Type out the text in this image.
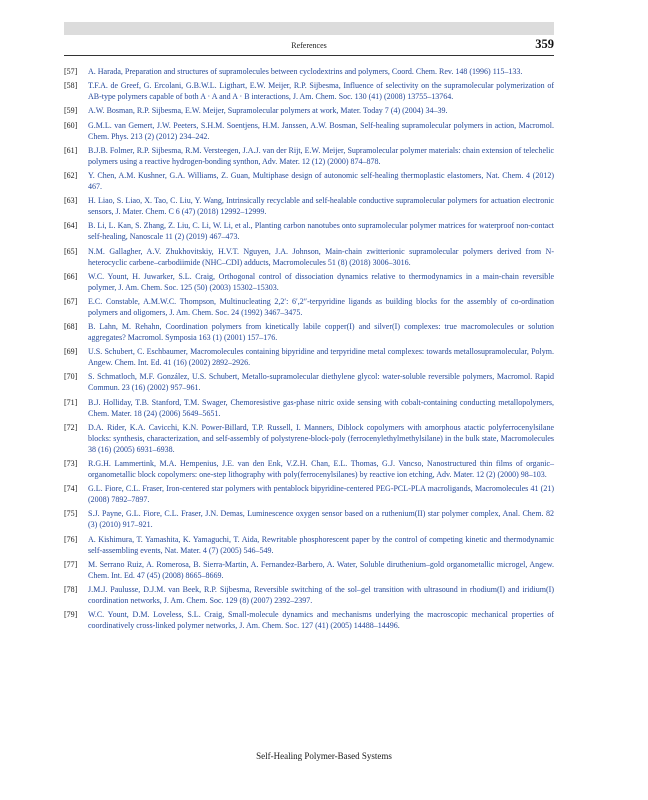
References	359
[57] A. Harada, Preparation and structures of supramolecules between cyclodextrins and polymers, Coord. Chem. Rev. 148 (1996) 115–133.
[58] T.F.A. de Greef, G. Ercolani, G.B.W.L. Ligthart, E.W. Meijer, R.P. Sijbesma, Influence of selectivity on the supramolecular polymerization of AB-type polymers capable of both A · A and A · B interactions, J. Am. Chem. Soc. 130 (41) (2008) 13755–13764.
[59] A.W. Bosman, R.P. Sijbesma, E.W. Meijer, Supramolecular polymers at work, Mater. Today 7 (4) (2004) 34–39.
[60] G.M.L. van Gemert, J.W. Peeters, S.H.M. Soentjens, H.M. Janssen, A.W. Bosman, Self-healing supramolecular polymers in action, Macromol. Chem. Phys. 213 (2) (2012) 234–242.
[61] B.J.B. Folmer, R.P. Sijbesma, R.M. Versteegen, J.A.J. van der Rijt, E.W. Meijer, Supramolecular polymer materials: chain extension of telechelic polymers using a reactive hydrogen-bonding synthon, Adv. Mater. 12 (12) (2000) 874–878.
[62] Y. Chen, A.M. Kushner, G.A. Williams, Z. Guan, Multiphase design of autonomic self-healing thermoplastic elastomers, Nat. Chem. 4 (2012) 467.
[63] H. Liao, S. Liao, X. Tao, C. Liu, Y. Wang, Intrinsically recyclable and self-healable conductive supramolecular polymers for actuation electronic sensors, J. Mater. Chem. C 6 (47) (2018) 12992–12999.
[64] B. Li, L. Kan, S. Zhang, Z. Liu, C. Li, W. Li, et al., Planting carbon nanotubes onto supramolecular polymer matrices for waterproof non-contact self-healing, Nanoscale 11 (2) (2019) 467–473.
[65] N.M. Gallagher, A.V. Zhukhovitskiy, H.V.T. Nguyen, J.A. Johnson, Main-chain zwitterionic supramolecular polymers derived from N-heterocyclic carbene–carbodiimide (NHC–CDI) adducts, Macromolecules 51 (8) (2018) 3006–3016.
[66] W.C. Yount, H. Juwarker, S.L. Craig, Orthogonal control of dissociation dynamics relative to thermodynamics in a main-chain reversible polymer, J. Am. Chem. Soc. 125 (50) (2003) 15302–15303.
[67] E.C. Constable, A.M.W.C. Thompson, Multinucleating 2,2′: 6′,2″-terpyridine ligands as building blocks for the assembly of co-ordination polymers and oligomers, J. Am. Chem. Soc. 24 (1992) 3467–3475.
[68] B. Lahn, M. Rehahn, Coordination polymers from kinetically labile copper(I) and silver(I) complexes: true macromolecules or solution aggregates? Macromol. Symposia 163 (1) (2001) 157–176.
[69] U.S. Schubert, C. Eschbaumer, Macromolecules containing bipyridine and terpyridine metal complexes: towards metallosupramolecular, Polym. Angew. Chem. Int. Ed. 41 (16) (2002) 2892–2926.
[70] S. Schmatloch, M.F. González, U.S. Schubert, Metallo-supramolecular diethylene glycol: water-soluble reversible polymers, Macromol. Rapid Commun. 23 (16) (2002) 957–961.
[71] B.J. Holliday, T.B. Stanford, T.M. Swager, Chemoresistive gas-phase nitric oxide sensing with cobalt-containing conducting metallopolymers, Chem. Mater. 18 (24) (2006) 5649–5651.
[72] D.A. Rider, K.A. Cavicchi, K.N. Power-Billard, T.P. Russell, I. Manners, Diblock copolymers with amorphous atactic polyferrocenylsilane blocks: synthesis, characterization, and self-assembly of polystyrene-block-poly (ferrocenylethylmethylsilane) in the bulk state, Macromolecules 38 (16) (2005) 6931–6938.
[73] R.G.H. Lammertink, M.A. Hempenius, J.E. van den Enk, V.Z.H. Chan, E.L. Thomas, G.J. Vancso, Nanostructured thin films of organic–organometallic block copolymers: one-step lithography with poly(ferrocenylsilanes) by reactive ion etching, Adv. Mater. 12 (2) (2000) 98–103.
[74] G.L. Fiore, C.L. Fraser, Iron-centered star polymers with pentablock bipyridine-centered PEG-PCL-PLA macroligands, Macromolecules 41 (21) (2008) 7892–7897.
[75] S.J. Payne, G.L. Fiore, C.L. Fraser, J.N. Demas, Luminescence oxygen sensor based on a ruthenium(II) star polymer complex, Anal. Chem. 82 (3) (2010) 917–921.
[76] A. Kishimura, T. Yamashita, K. Yamaguchi, T. Aida, Rewritable phosphorescent paper by the control of competing kinetic and thermodynamic self-assembling events, Nat. Mater. 4 (7) (2005) 546–549.
[77] M. Serrano Ruiz, A. Romerosa, B. Sierra-Martin, A. Fernandez-Barbero, A. Water, Soluble diruthenium–gold organometallic microgel, Angew. Chem. Int. Ed. 47 (45) (2008) 8665–8669.
[78] J.M.J. Paulusse, D.J.M. van Beek, R.P. Sijbesma, Reversible switching of the sol–gel transition with ultrasound in rhodium(I) and iridium(I) coordination networks, J. Am. Chem. Soc. 129 (8) (2007) 2392–2397.
[79] W.C. Yount, D.M. Loveless, S.L. Craig, Small-molecule dynamics and mechanisms underlying the macroscopic mechanical properties of coordinatively cross-linked polymer networks, J. Am. Chem. Soc. 127 (41) (2005) 14488–14496.
Self-Healing Polymer-Based Systems
